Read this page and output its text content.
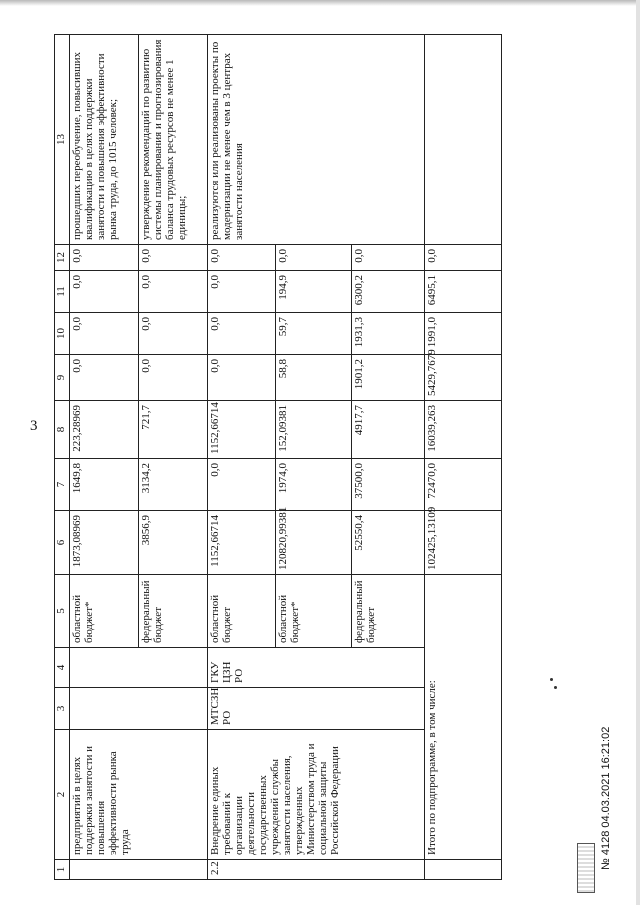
3
1	2	3	4	5	6	7	8	9	10	11	12	13
	предприятий в целях поддержки занятости и повышения эффективности рынка труда			областной бюджет*	1873,08969	1649,8	223,28969	0,0	0,0	0,0	0,0	прошедших переобучение, повысивших квалификацию в целях поддержки занятости и повышения эффективности рынка труда, до 1015 человек;
				федеральный бюджет	3856,9	3134,2	721,7	0,0	0,0	0,0	0,0	утверждение рекомендаций по развитию системы планирования и прогнозирования баланса трудовых ресурсов не менее 1 единицы;
2.2	Внедрение единых требований к организации деятельности государственных учреждений службы занятости населения, утвержденных Министерством труда и социальной защиты Российской Федерации	МТСЗН РО	ГКУ ЦЗН РО	областной бюджет	1152,66714	0,0	1152,66714	0,0	0,0	0,0	0,0	реализуются или реализованы проекты по модернизации не менее чем в 3 центрах занятости населения
				областной бюджет*	120820,99381	1974,0	152,09381	58,8	59,7	194,9	0,0	
				федеральный бюджет	52550,4	37500,0	4917,7	1901,2	1931,3	6300,2	0,0	
	Итого по подпрограмме, в том числе:				102425,13109	72470,0	16039,263	5429,7679	1991,0	6495,1	0,0	
№ 4128 04.03.2021 16:21:02
